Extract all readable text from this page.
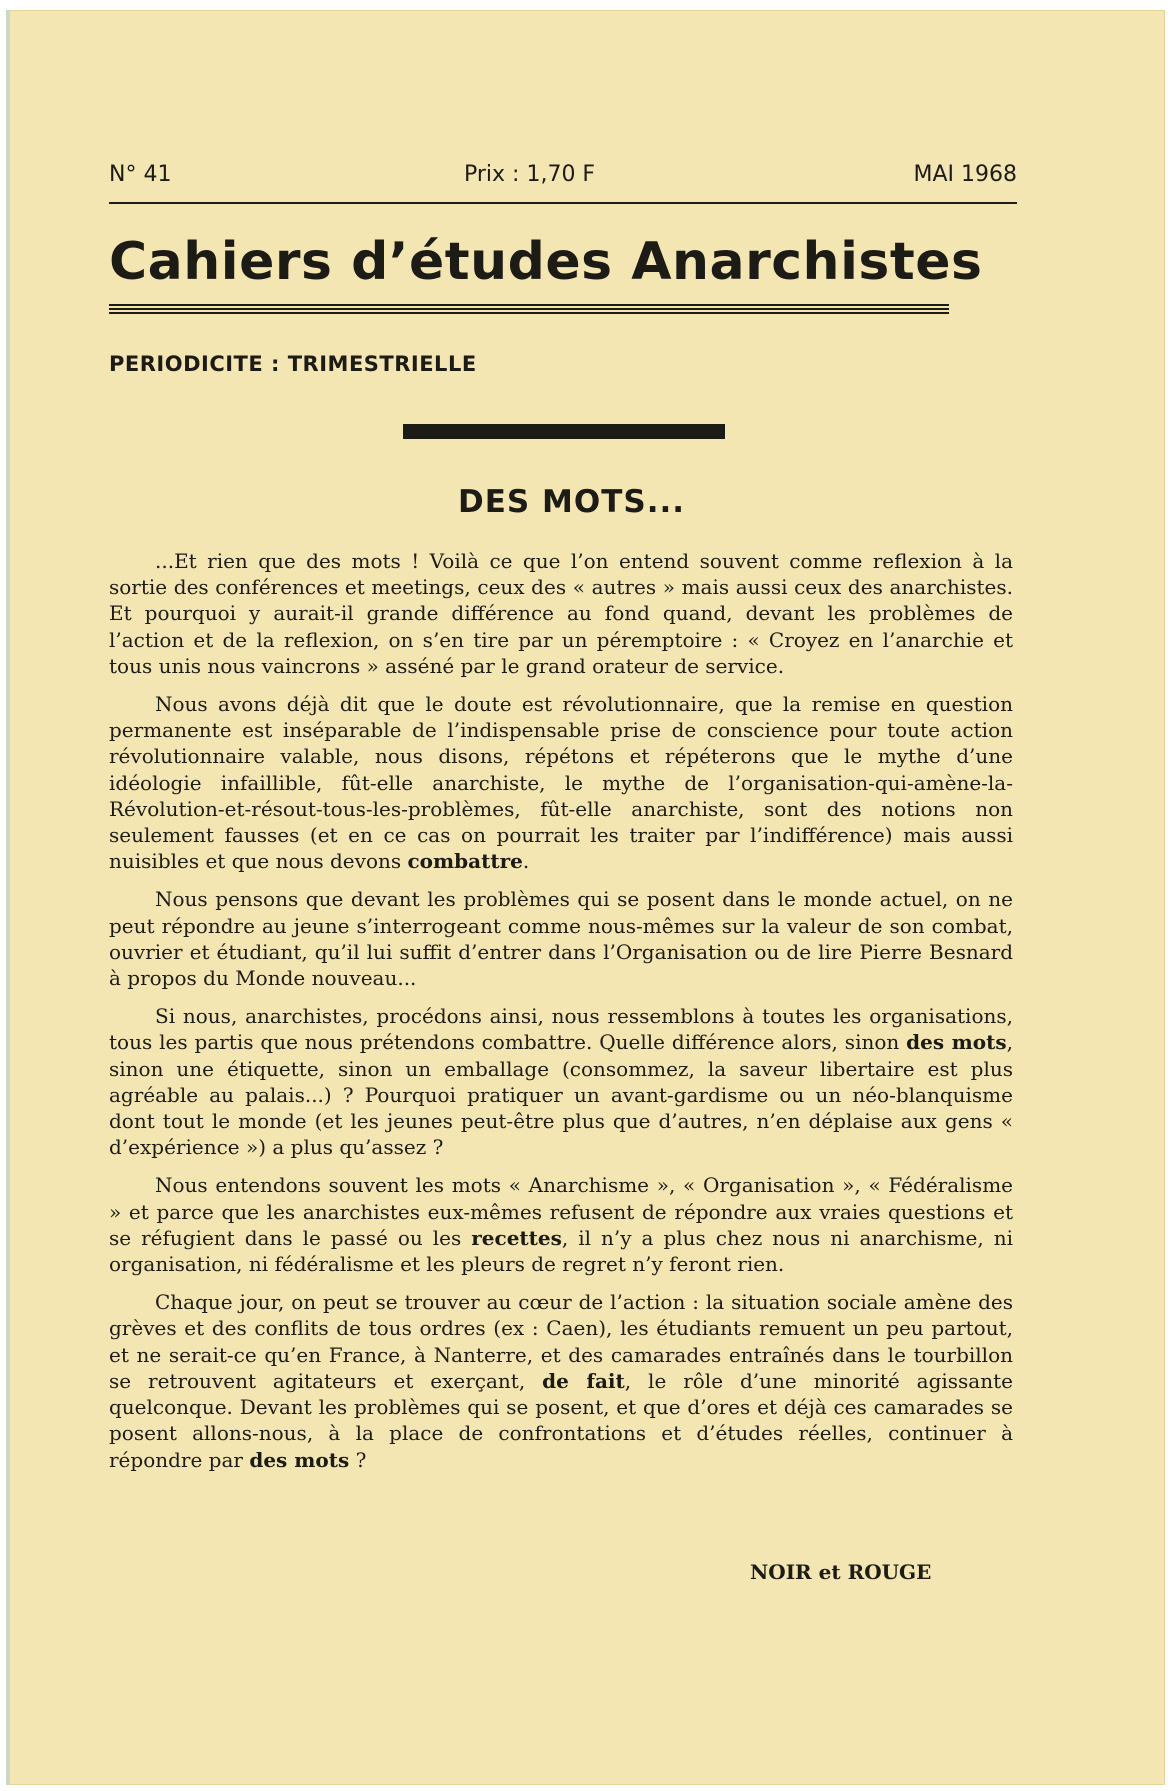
N° 41	Prix : 1,70 F	MAI 1968
Cahiers d’études Anarchistes
PERIODICITE : TRIMESTRIELLE
DES MOTS...

...Et rien que des mots ! Voilà ce que l’on entend souvent comme reflexion à la sortie des conférences et meetings, ceux des « autres » mais aussi ceux des anarchistes. Et pourquoi y aurait-il grande différence au fond quand, devant les problèmes de l’action et de la reflexion, on s’en tire par un péremptoire : « Croyez en l’anarchie et tous unis nous vaincrons » asséné par le grand orateur de service.

Nous avons déjà dit que le doute est révolutionnaire, que la remise en question permanente est inséparable de l’indispensable prise de conscience pour toute action révolutionnaire valable, nous disons, répétons et répéterons que le mythe d’une idéologie infaillible, fût-elle anarchiste, le mythe de l’organisation-qui-amène-la-Révolution-et-résout-tous-les-problèmes, fût-elle anarchiste, sont des notions non seulement fausses (et en ce cas on pourrait les traiter par l’indifférence) mais aussi nuisibles et que nous devons combattre.

Nous pensons que devant les problèmes qui se posent dans le monde actuel, on ne peut répondre au jeune s’interrogeant comme nous-mêmes sur la valeur de son combat, ouvrier et étudiant, qu’il lui suffit d’entrer dans l’Organisation ou de lire Pierre Besnard à propos du Monde nouveau...

Si nous, anarchistes, procédons ainsi, nous ressemblons à toutes les organisations, tous les partis que nous prétendons combattre. Quelle différence alors, sinon des mots, sinon une étiquette, sinon un emballage (consommez, la saveur libertaire est plus agréable au palais...) ? Pourquoi pratiquer un avant-gardisme ou un néo-blanquisme dont tout le monde (et les jeunes peut-être plus que d’autres, n’en déplaise aux gens « d’expérience ») a plus qu’assez ?

Nous entendons souvent les mots « Anarchisme », « Organisation », « Fédéralisme » et parce que les anarchistes eux-mêmes refusent de répondre aux vraies questions et se réfugient dans le passé ou les recettes, il n’y a plus chez nous ni anarchisme, ni organisation, ni fédéralisme et les pleurs de regret n’y feront rien.

Chaque jour, on peut se trouver au cœur de l’action : la situation sociale amène des grèves et des conflits de tous ordres (ex : Caen), les étudiants remuent un peu partout, et ne serait-ce qu’en France, à Nanterre, et des camarades entraînés dans le tourbillon se retrouvent agitateurs et exerçant, de fait, le rôle d’une minorité agissante quelconque. Devant les problèmes qui se posent, et que d’ores et déjà ces camarades se posent allons-nous, à la place de confrontations et d’études réelles, continuer à répondre par des mots ?

NOIR et ROUGE
